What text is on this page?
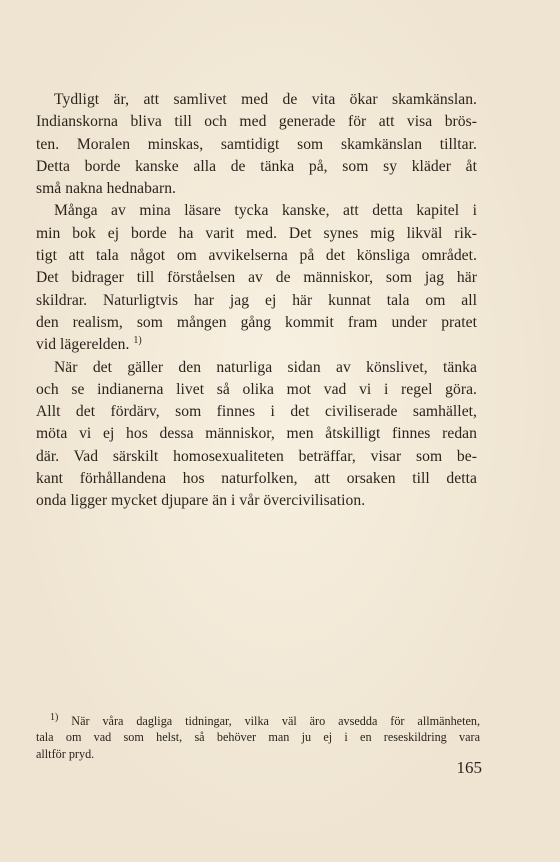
Tydligt är, att samlivet med de vita ökar skamkänslan.
Indianskorna bliva till och med generade för att visa brös-
ten. Moralen minskas, samtidigt som skamkänslan tilltar.
Detta borde kanske alla de tänka på, som sy kläder åt
små nakna hednabarn.
Många av mina läsare tycka kanske, att detta kapitel i
min bok ej borde ha varit med. Det synes mig likväl rik-
tigt att tala något om avvikelserna på det könsliga området.
Det bidrager till förståelsen av de människor, som jag här
skildrar. Naturligtvis har jag ej här kunnat tala om all
den realism, som mången gång kommit fram under pratet
vid lägerelden. $^{1)}$
När det gäller den naturliga sidan av könslivet, tänka
och se indianerna livet så olika mot vad vi i regel göra.
Allt det fördärv, som finnes i det civiliserade samhället,
möta vi ej hos dessa människor, men åtskilligt finnes redan
där. Vad särskilt homosexualiteten beträffar, visar som be-
kant förhållandena hos naturfolken, att orsaken till detta
onda ligger mycket djupare än i vår övercivilisation.
$^{1)}$ När våra dagliga tidningar, vilka väl äro avsedda för allmänheten,
tala om vad som helst, så behöver man ju ej i en reseskildring vara
alltför pryd.
165
